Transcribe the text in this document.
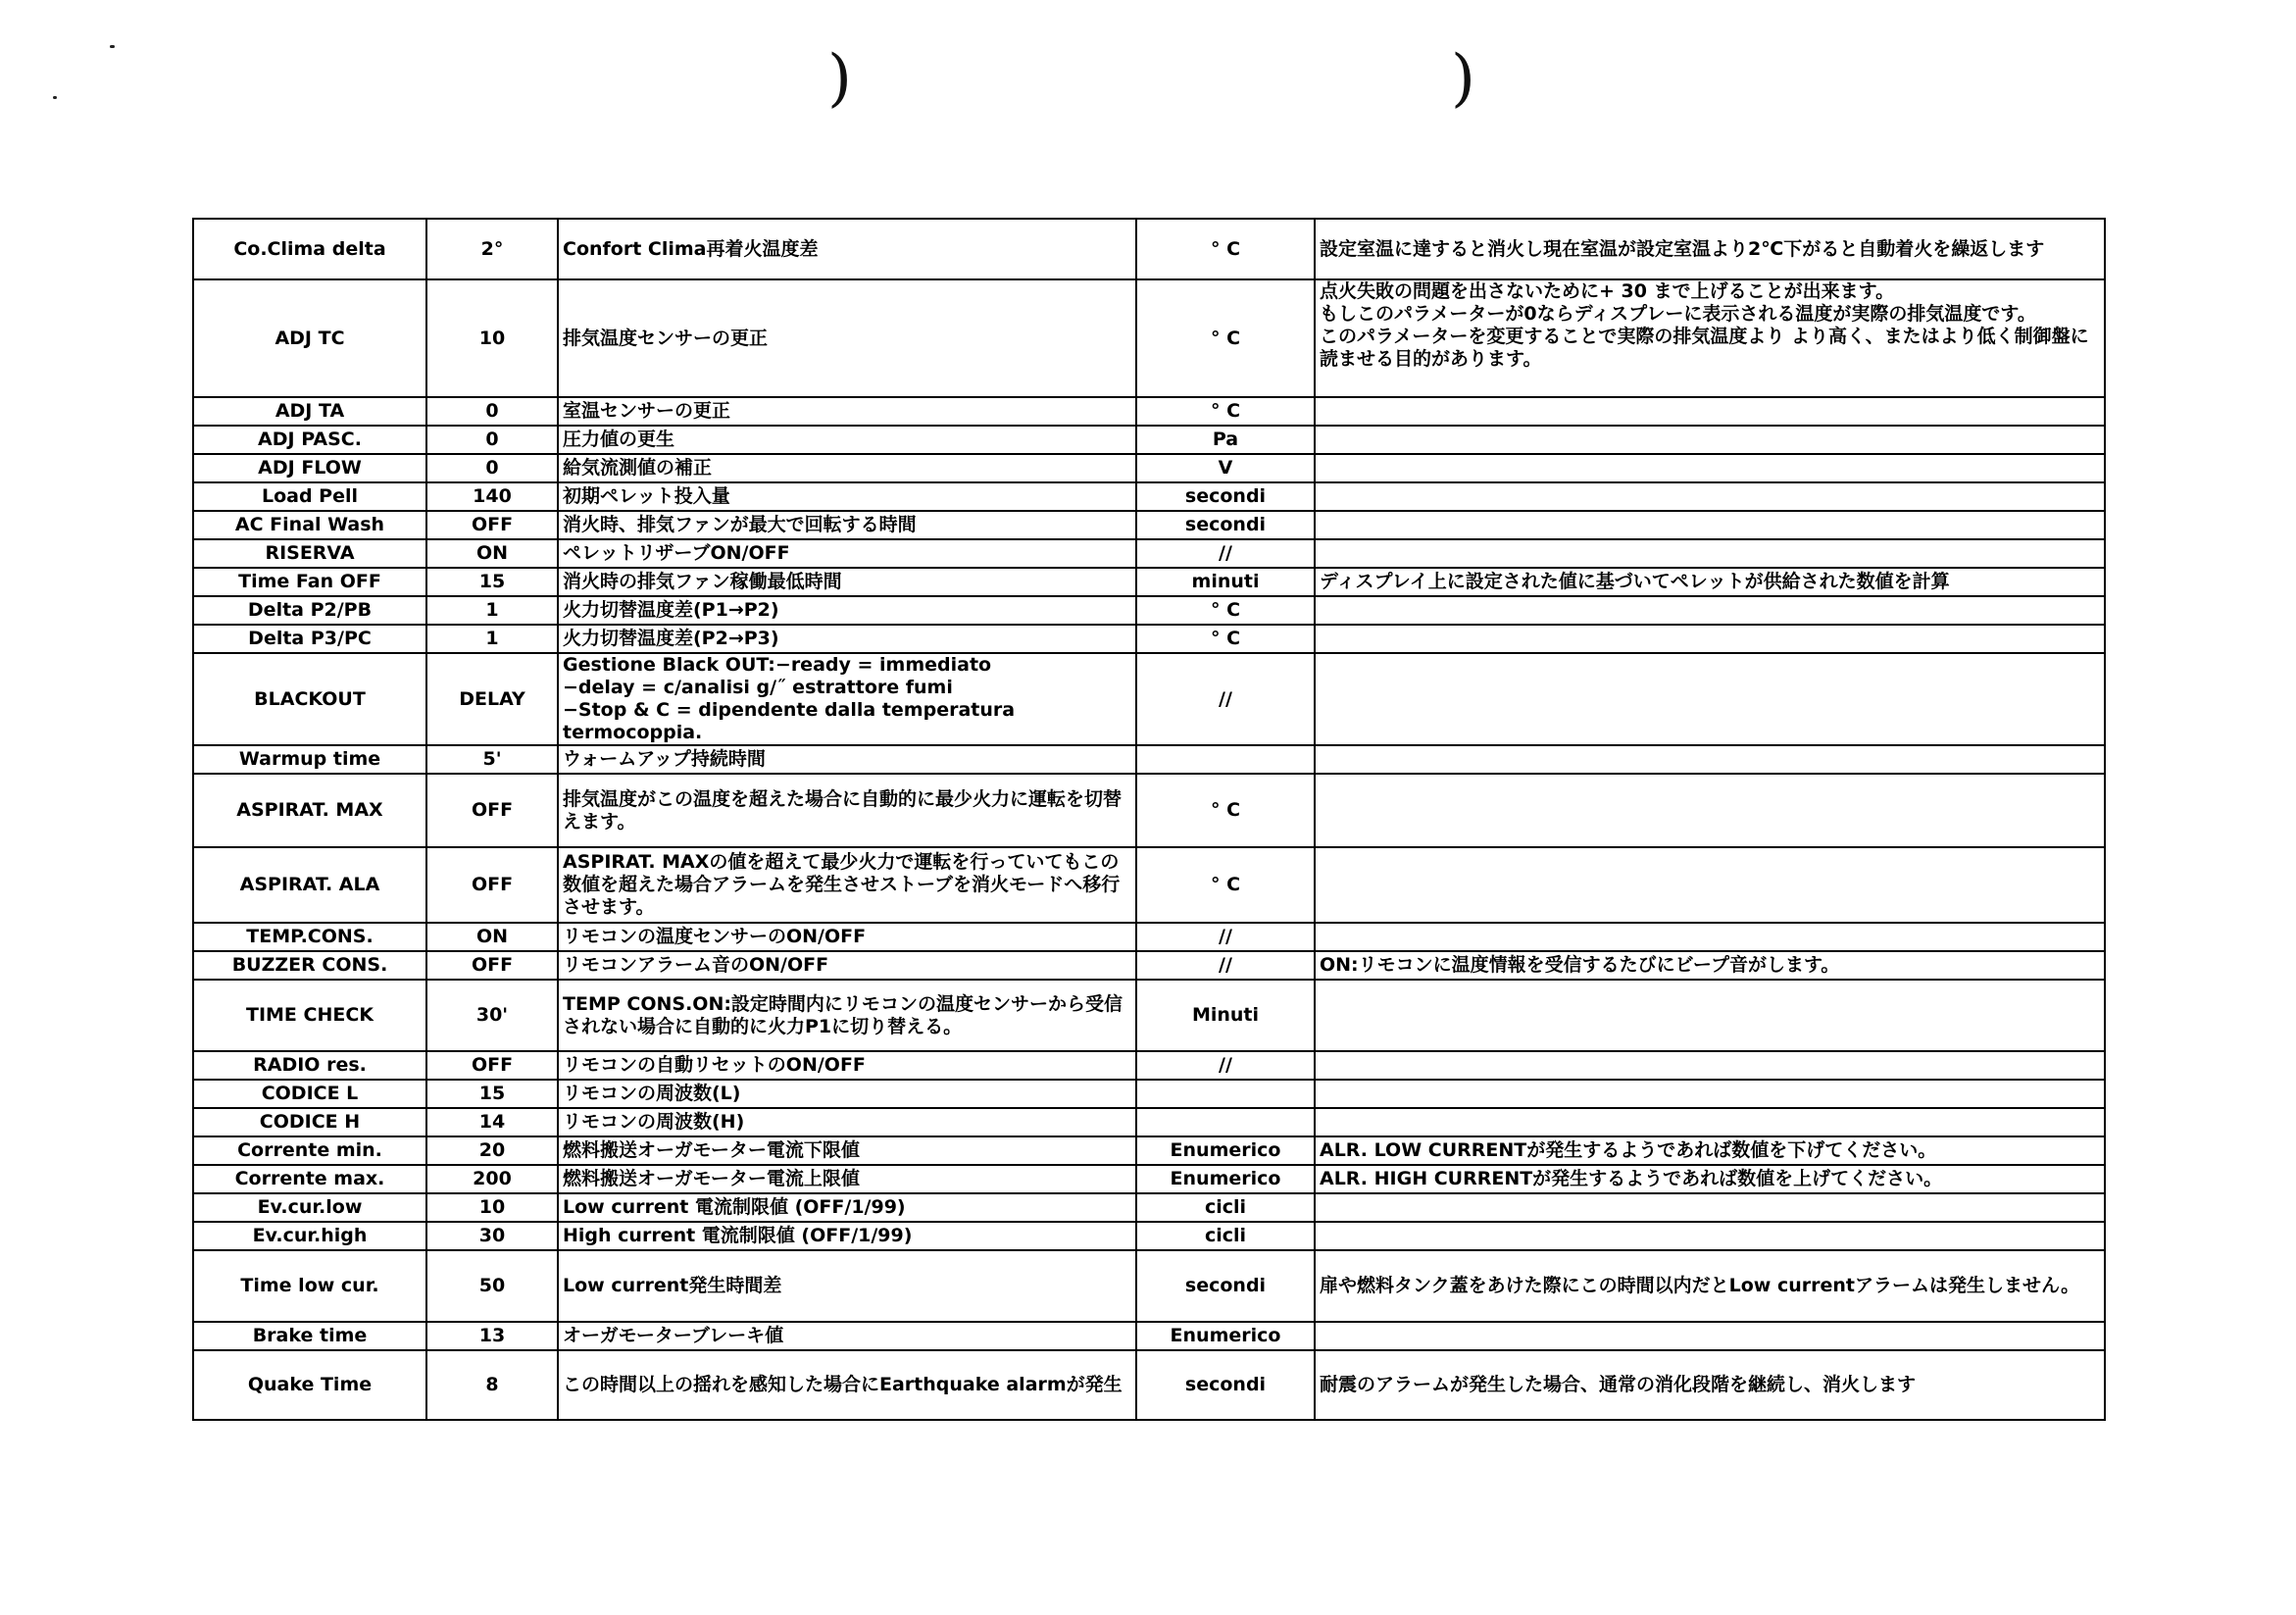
)	)
Co.Clima delta	2°	Confort Clima再着火温度差	° C	設定室温に達すると消火し現在室温が設定室温より2℃下がると自動着火を繰返します
ADJ TC	10	排気温度センサーの更正	° C	点火失敗の問題を出さないために+ 30 まで上げることが出来ます。
もしこのパラメーターが0ならディスプレーに表示される温度が実際の排気温度です。
このパラメーターを変更することで実際の排気温度より より高く、またはより低く制御盤に読ませる目的があります。
ADJ TA	0	室温センサーの更正	° C	
ADJ PASC.	0	圧力値の更生	Pa	
ADJ FLOW	0	給気流測値の補正	V	
Load Pell	140	初期ペレット投入量	secondi	
AC Final Wash	OFF	消火時、排気ファンが最大で回転する時間	secondi	
RISERVA	ON	ペレットリザーブON/OFF	//	
Time Fan OFF	15	消火時の排気ファン稼働最低時間	minuti	ディスプレイ上に設定された値に基づいてペレットが供給された数値を計算
Delta P2/PB	1	火力切替温度差(P1→P2)	° C	
Delta P3/PC	1	火力切替温度差(P2→P3)	° C	
BLACKOUT	DELAY	Gestione Black OUT:−ready = immediato
−delay = c/analisi g/˝ estrattore fumi
−Stop & C = dipendente dalla temperatura termocoppia.	//	
Warmup time	5'	ウォームアップ持続時間		
ASPIRAT. MAX	OFF	排気温度がこの温度を超えた場合に自動的に最少火力に運転を切替えます。	° C	
ASPIRAT. ALA	OFF	ASPIRAT. MAXの値を超えて最少火力で運転を行っていてもこの数値を超えた場合アラームを発生させストーブを消火モードへ移行させます。	° C	
TEMP.CONS.	ON	リモコンの温度センサーのON/OFF	//	
BUZZER CONS.	OFF	リモコンアラーム音のON/OFF	//	ON:リモコンに温度情報を受信するたびにビープ音がします。
TIME CHECK	30'	TEMP CONS.ON:設定時間内にリモコンの温度センサーから受信されない場合に自動的に火力P1に切り替える。	Minuti	
RADIO res.	OFF	リモコンの自動リセットのON/OFF	//	
CODICE L	15	リモコンの周波数(L)		
CODICE H	14	リモコンの周波数(H)		
Corrente min.	20	燃料搬送オーガモーター電流下限値	Enumerico	ALR. LOW CURRENTが発生するようであれば数値を下げてください。
Corrente max.	200	燃料搬送オーガモーター電流上限値	Enumerico	ALR. HIGH CURRENTが発生するようであれば数値を上げてください。
Ev.cur.low	10	Low current 電流制限値 (OFF/1/99)	cicli	
Ev.cur.high	30	High current 電流制限値 (OFF/1/99)	cicli	
Time low cur.	50	Low current発生時間差	secondi	扉や燃料タンク蓋をあけた際にこの時間以内だとLow currentアラームは発生しません。
Brake time	13	オーガモーターブレーキ値	Enumerico	
Quake Time	8	この時間以上の揺れを感知した場合にEarthquake alarmが発生	secondi	耐震のアラームが発生した場合、通常の消化段階を継続し、消火します
